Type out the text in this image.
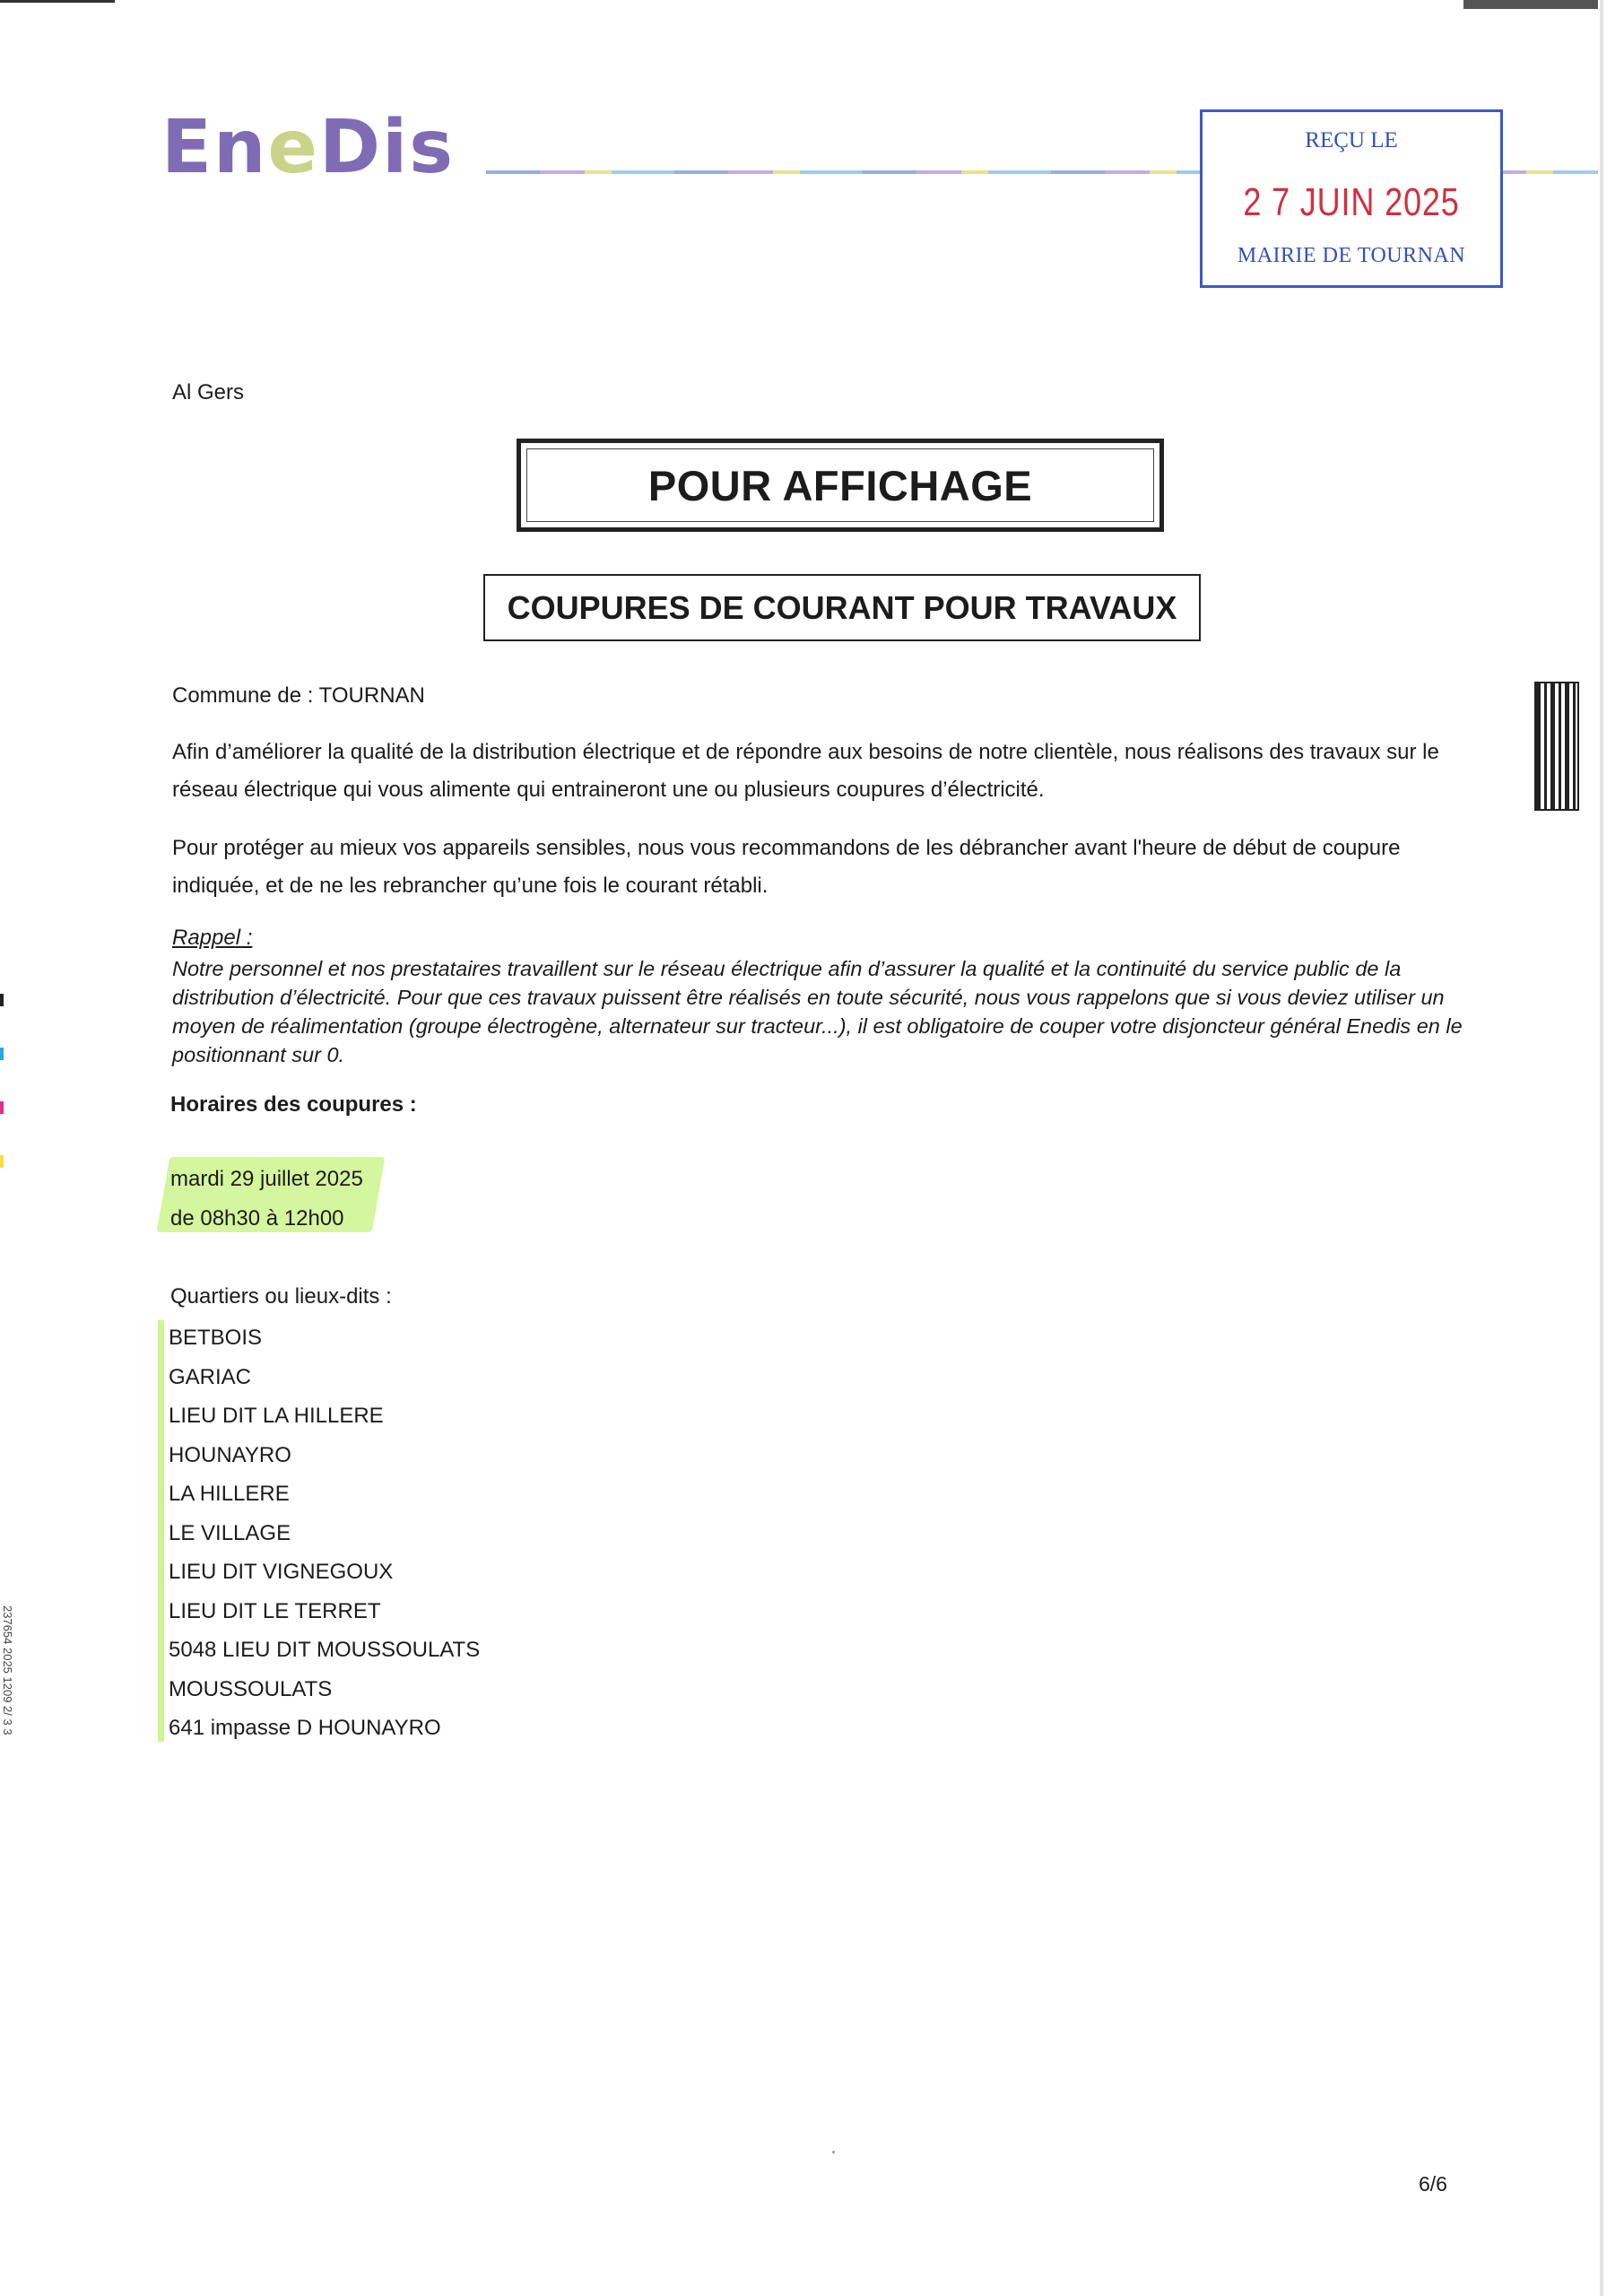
EneDis	REÇU LE
2 7 JUIN 2025
MAIRIE DE TOURNAN
237654 2025 1209 2/ 3 3
Al Gers
POUR AFFICHAGE
COUPURES DE COURANT POUR TRAVAUX
Commune de : TOURNAN
Afin d’améliorer la qualité de la distribution électrique et de répondre aux besoins de notre clientèle, nous réalisons des travaux sur le réseau électrique qui vous alimente qui entraineront une ou plusieurs coupures d’électricité.
Pour protéger au mieux vos appareils sensibles, nous vous recommandons de les débrancher avant l'heure de début de coupure indiquée, et de ne les rebrancher qu’une fois le courant rétabli.
Rappel :
Notre personnel et nos prestataires travaillent sur le réseau électrique afin d’assurer la qualité et la continuité du service public de la distribution d’électricité. Pour que ces travaux puissent être réalisés en toute sécurité, nous vous rappelons que si vous deviez utiliser un moyen de réalimentation (groupe électrogène, alternateur sur tracteur...), il est obligatoire de couper votre disjoncteur général Enedis en le positionnant sur 0.
Horaires des coupures :
mardi 29 juillet 2025
de 08h30 à 12h00
Quartiers ou lieux-dits :
BETBOIS
GARIAC
LIEU DIT LA HILLERE
HOUNAYRO
LA HILLERE
LE VILLAGE
LIEU DIT VIGNEGOUX
LIEU DIT LE TERRET
5048 LIEU DIT MOUSSOULATS
MOUSSOULATS
641 impasse D HOUNAYRO
6/6
